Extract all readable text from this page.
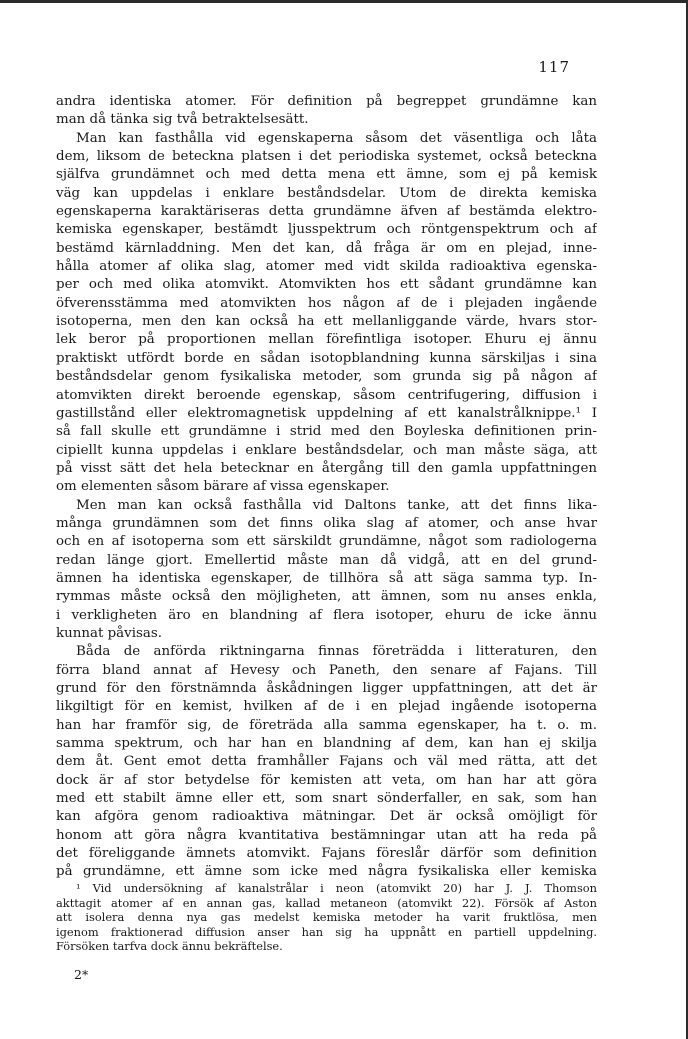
117
andra identiska atomer. För definition på begreppet grundämne kan
man då tänka sig två betraktelsesätt.
Man kan fasthålla vid egenskaperna såsom det väsentliga och låta
dem, liksom de beteckna platsen i det periodiska systemet, också beteckna
själfva grundämnet och med detta mena ett ämne, som ej på kemisk
väg kan uppdelas i enklare beståndsdelar. Utom de direkta kemiska
egenskaperna karaktäriseras detta grundämne äfven af bestämda elektro-
kemiska egenskaper, bestämdt ljusspektrum och röntgenspektrum och af
bestämd kärnladdning. Men det kan, då fråga är om en plejad, inne-
hålla atomer af olika slag, atomer med vidt skilda radioaktiva egenska-
per och med olika atomvikt. Atomvikten hos ett sådant grundämne kan
öfverensstämma med atomvikten hos någon af de i plejaden ingående
isotoperna, men den kan också ha ett mellanliggande värde, hvars stor-
lek beror på proportionen mellan förefintliga isotoper. Ehuru ej ännu
praktiskt utfördt borde en sådan isotopblandning kunna särskiljas i sina
beståndsdelar genom fysikaliska metoder, som grunda sig på någon af
atomvikten direkt beroende egenskap, såsom centrifugering, diffusion i
gastillstånd eller elektromagnetisk uppdelning af ett kanalstrålknippe.¹ I
så fall skulle ett grundämne i strid med den Boyleska definitionen prin-
cipiellt kunna uppdelas i enklare beståndsdelar, och man måste säga, att
på visst sätt det hela betecknar en återgång till den gamla uppfattningen
om elementen såsom bärare af vissa egenskaper.
Men man kan också fasthålla vid Daltons tanke, att det finns lika-
många grundämnen som det finns olika slag af atomer, och anse hvar
och en af isotoperna som ett särskildt grundämne, något som radiologerna
redan länge gjort. Emellertid måste man då vidgå, att en del grund-
ämnen ha identiska egenskaper, de tillhöra så att säga samma typ. In-
rymmas måste också den möjligheten, att ämnen, som nu anses enkla,
i verkligheten äro en blandning af flera isotoper, ehuru de icke ännu
kunnat påvisas.
Båda de anförda riktningarna finnas företrädda i litteraturen, den
förra bland annat af Hevesy och Paneth, den senare af Fajans. Till
grund för den förstnämnda åskådningen ligger uppfattningen, att det är
likgiltigt för en kemist, hvilken af de i en plejad ingående isotoperna
han har framför sig, de företräda alla samma egenskaper, ha t. o. m.
samma spektrum, och har han en blandning af dem, kan han ej skilja
dem åt. Gent emot detta framhåller Fajans och väl med rätta, att det
dock är af stor betydelse för kemisten att veta, om han har att göra
med ett stabilt ämne eller ett, som snart sönderfaller, en sak, som han
kan afgöra genom radioaktiva mätningar. Det är också omöjligt för
honom att göra några kvantitativa bestämningar utan att ha reda på
det föreliggande ämnets atomvikt. Fajans föreslår därför som definition
på grundämne, ett ämne som icke med några fysikaliska eller kemiska
¹ Vid undersökning af kanalstrålar i neon (atomvikt 20) har J. J. Thomson
akttagit atomer af en annan gas, kallad metaneon (atomvikt 22). Försök af Aston
att isolera denna nya gas medelst kemiska metoder ha varit fruktlösa, men
igenom fraktionerad diffusion anser han sig ha uppnått en partiell uppdelning.
Försöken tarfva dock ännu bekräftelse.
2*
